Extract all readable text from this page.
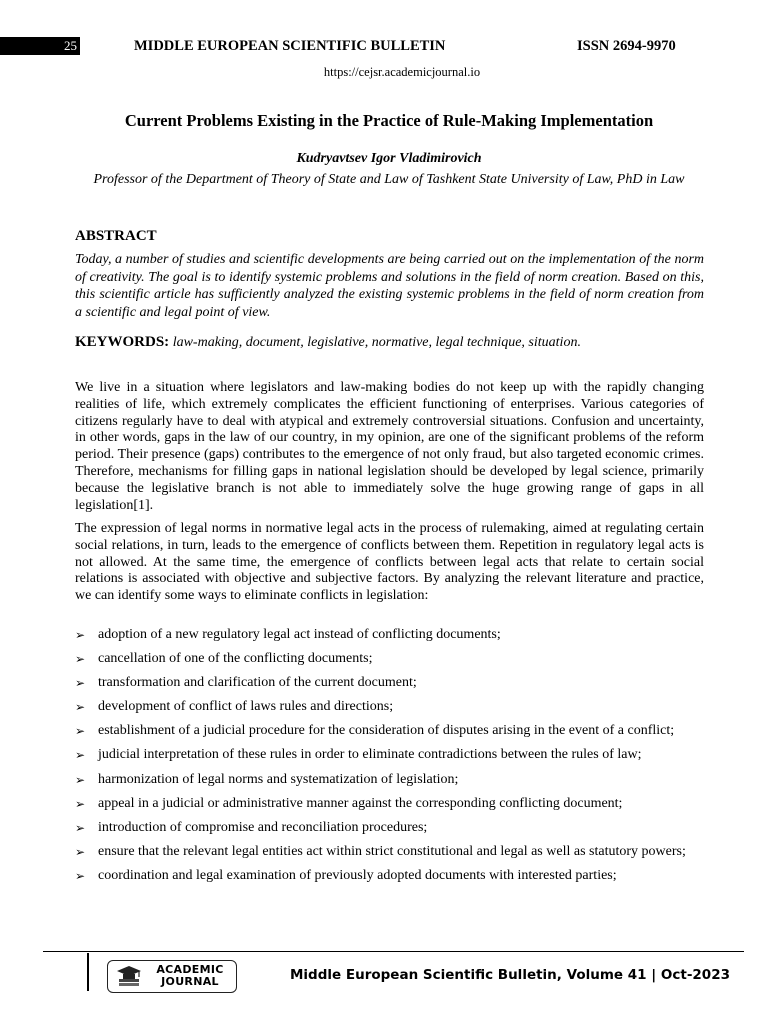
25	MIDDLE EUROPEAN SCIENTIFIC BULLETIN	ISSN 2694-9970
https://cejsr.academicjournal.io
Current Problems Existing in the Practice of Rule-Making Implementation
Kudryavtsev Igor Vladimirovich
Professor of the Department of Theory of State and Law of Tashkent State University of Law, PhD in Law
ABSTRACT

Today, a number of studies and scientific developments are being carried out on the implementation of the norm of creativity. The goal is to identify systemic problems and solutions in the field of norm creation. Based on this, this scientific article has sufficiently analyzed the existing systemic problems in the field of norm creation from a scientific and legal point of view.

KEYWORDS: law-making, document, legislative, normative, legal technique, situation.

We live in a situation where legislators and law-making bodies do not keep up with the rapidly changing realities of life, which extremely complicates the efficient functioning of enterprises. Various categories of citizens regularly have to deal with atypical and extremely controversial situations. Confusion and uncertainty, in other words, gaps in the law of our country, in my opinion, are one of the significant problems of the reform period. Their presence (gaps) contributes to the emergence of not only fraud, but also targeted economic crimes. Therefore, mechanisms for filling gaps in national legislation should be developed by legal science, primarily because the legislative branch is not able to immediately solve the huge growing range of gaps in all legislation[1].

The expression of legal norms in normative legal acts in the process of rulemaking, aimed at regulating certain social relations, in turn, leads to the emergence of conflicts between them. Repetition in regulatory legal acts is not allowed. At the same time, the emergence of conflicts between legal acts that relate to certain social relations is associated with objective and subjective factors. By analyzing the relevant literature and practice, we can identify some ways to eliminate conflicts in legislation:

➢ adoption of a new regulatory legal act instead of conflicting documents;
➢ cancellation of one of the conflicting documents;
➢ transformation and clarification of the current document;
➢ development of conflict of laws rules and directions;
➢ establishment of a judicial procedure for the consideration of disputes arising in the event of a conflict;
➢ judicial interpretation of these rules in order to eliminate contradictions between the rules of law;
➢ harmonization of legal norms and systematization of legislation;
➢ appeal in a judicial or administrative manner against the corresponding conflicting document;
➢ introduction of compromise and reconciliation procedures;
➢ ensure that the relevant legal entities act within strict constitutional and legal as well as statutory powers;
➢ coordination and legal examination of previously adopted documents with interested parties;
ACADEMIC
JOURNAL	Middle European Scientific Bulletin, Volume 41 | Oct-2023
